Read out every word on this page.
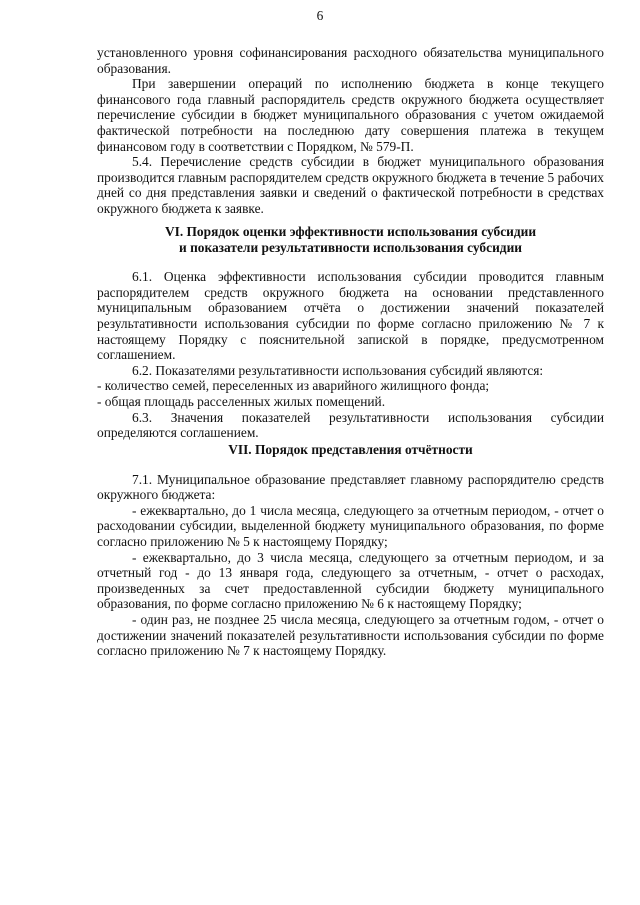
6

установленного уровня софинансирования расходного обязательства муниципального образования.

При завершении операций по исполнению бюджета в конце текущего финансового года главный распорядитель средств окружного бюджета осуществляет перечисление субсидии в бюджет муниципального образования с учетом ожидаемой фактической потребности на последнюю дату совершения платежа в текущем финансовом году в соответствии с Порядком, № 579-П.

5.4. Перечисление средств субсидии в бюджет муниципального образования производится главным распорядителем средств окружного бюджета в течение 5 рабочих дней со дня представления заявки и сведений о фактической потребности в средствах окружного бюджета к заявке.

VI. Порядок оценки эффективности использования субсидии

и показатели результативности использования субсидии

6.1. Оценка эффективности использования субсидии проводится главным распорядителем средств окружного бюджета на основании представленного муниципальным образованием отчёта о достижении значений показателей результативности использования субсидии по форме согласно приложению № 7 к настоящему Порядку с пояснительной запиской в порядке, предусмотренном соглашением.

6.2. Показателями результативности использования субсидий являются:

- количество семей, переселенных из аварийного жилищного фонда;

- общая площадь расселенных жилых помещений.

6.3. Значения показателей результативности использования субсидии определяются соглашением.

VII. Порядок представления отчётности

7.1. Муниципальное образование представляет главному распорядителю средств окружного бюджета:

- ежеквартально, до 1 числа месяца, следующего за отчетным периодом, - отчет о расходовании субсидии, выделенной бюджету муниципального образования, по форме согласно приложению № 5 к настоящему Порядку;

- ежеквартально, до 3 числа месяца, следующего за отчетным периодом, и за отчетный год - до 13 января года, следующего за отчетным, - отчет о расходах, произведенных за счет предоставленной субсидии бюджету муниципального образования, по форме согласно приложению № 6 к настоящему Порядку;

- один раз, не позднее 25 числа месяца, следующего за отчетным годом, - отчет о достижении значений показателей результативности использования субсидии по форме согласно приложению № 7 к настоящему Порядку.
